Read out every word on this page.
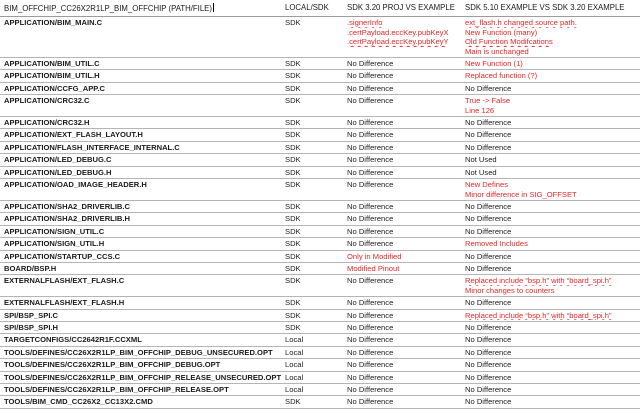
BIM_OFFCHIP_CC26X2R1LP_BIM_OFFCHIP (PATH/FILE)	LOCAL/SDK	SDK 3.20 PROJ VS EXAMPLE	SDK 5.10 EXAMPLE VS SDK 3.20 EXAMPLE
APPLICATION/BIM_MAIN.C	SDK	.signerInfo
.certPayload.eccKey.pubKeyX
.certPayload.eccKey.pubKeyY	ext_flash.h changed source path.
New Function (many)
Old Function Modifcations
Main is unchanged

APPLICATION/BIM_UTIL.C	SDK	No Difference	New Function (1)

APPLICATION/BIM_UTIL.H	SDK	No Difference	Replaced function (?)

APPLICATION/CCFG_APP.C	SDK	No Difference	No Difference

APPLICATION/CRC32.C	SDK	No Difference	True -> False
Line 126

APPLICATION/CRC32.H	SDK	No Difference	No Difference

APPLICATION/EXT_FLASH_LAYOUT.H	SDK	No Difference	No Difference

APPLICATION/FLASH_INTERFACE_INTERNAL.C	SDK	No Difference	No Difference

APPLICATION/LED_DEBUG.C	SDK	No Difference	Not Used

APPLICATION/LED_DEBUG.H	SDK	No Difference	Not Used

APPLICATION/OAD_IMAGE_HEADER.H	SDK	No Difference	New Defines
Minor difference in SIG_OFFSET

APPLICATION/SHA2_DRIVERLIB.C	SDK	No Difference	No Difference

APPLICATION/SHA2_DRIVERLIB.H	SDK	No Difference	No Difference

APPLICATION/SIGN_UTIL.C	SDK	No Difference	No Difference

APPLICATION/SIGN_UTIL.H	SDK	No Difference	Removed Includes

APPLICATION/STARTUP_CCS.C	SDK	Only in Modified	No Difference

BOARD/BSP.H	SDK	Modified Pinout	No Difference

EXTERNALFLASH/EXT_FLASH.C	SDK	No Difference	Replaced include “bsp.h” with “board_spi.h”
Minor changes to counters

EXTERNALFLASH/EXT_FLASH.H	SDK	No Difference	No Difference

SPI/BSP_SPI.C	SDK	No Difference	Replaced include “bsp.h” with “board_spi.h”

SPI/BSP_SPI.H	SDK	No Difference	No Difference

TARGETCONFIGS/CC2642R1F.CCXML	Local	No Difference	No Difference

TOOLS/DEFINES/CC26X2R1LP_BIM_OFFCHIP_DEBUG_UNSECURED.OPT	Local	No Difference	No Difference

TOOLS/DEFINES/CC26X2R1LP_BIM_OFFCHIP_DEBUG.OPT	Local	No Difference	No Difference

TOOLS/DEFINES/CC26X2R1LP_BIM_OFFCHIP_RELEASE_UNSECURED.OPT	Local	No Difference	No Difference

TOOLS/DEFINES/CC26X2R1LP_BIM_OFFCHIP_RELEASE.OPT	Local	No Difference	No Difference

TOOLS/BIM_CMD_CC26X2_CC13X2.CMD	SDK	No Difference	No Difference
